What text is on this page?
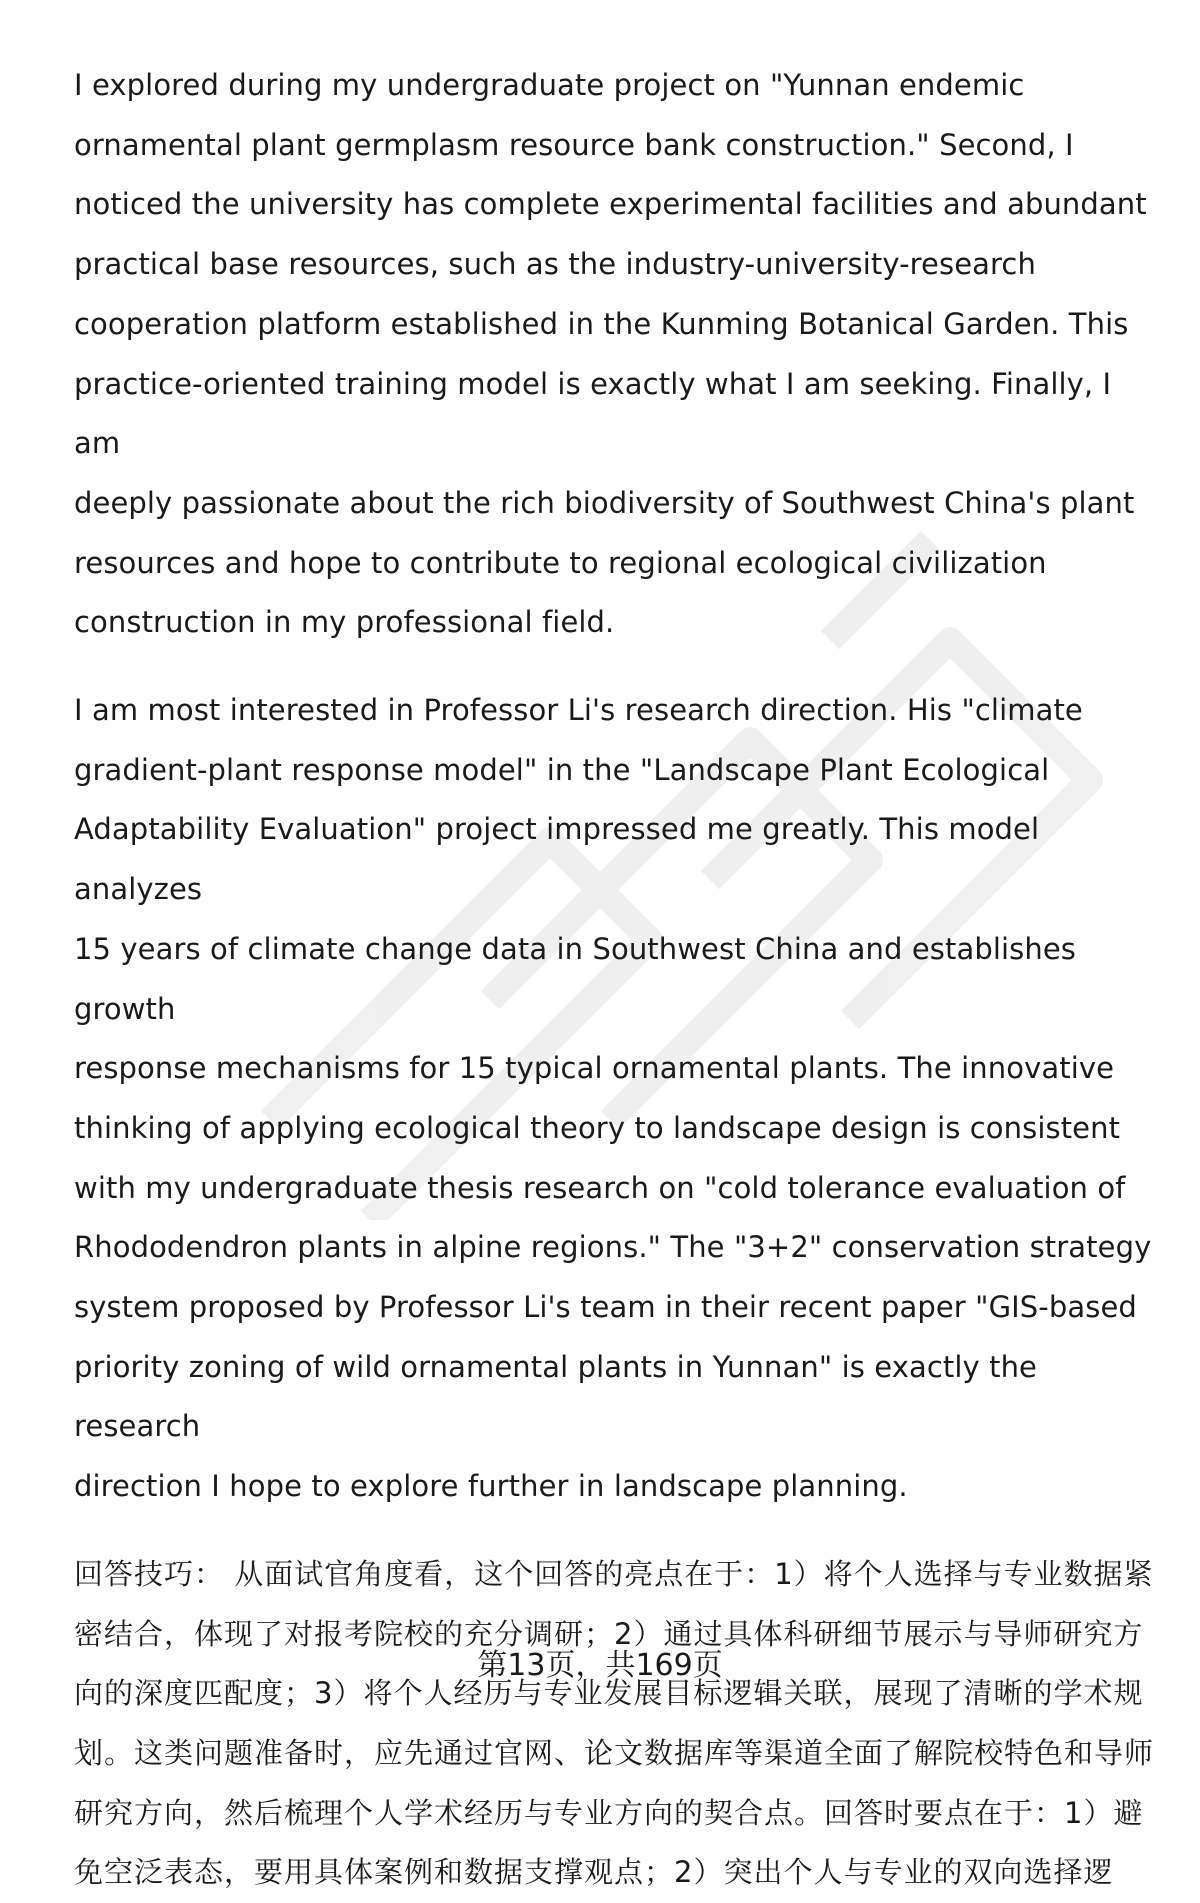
I explored during my undergraduate project on "Yunnan endemic
ornamental plant germplasm resource bank construction." Second, I
noticed the university has complete experimental facilities and abundant
practical base resources, such as the industry-university-research
cooperation platform established in the Kunming Botanical Garden. This
practice-oriented training model is exactly what I am seeking. Finally, I am
deeply passionate about the rich biodiversity of Southwest China's plant
resources and hope to contribute to regional ecological civilization
construction in my professional field.

I am most interested in Professor Li's research direction. His "climate
gradient-plant response model" in the "Landscape Plant Ecological
Adaptability Evaluation" project impressed me greatly. This model analyzes
15 years of climate change data in Southwest China and establishes growth
response mechanisms for 15 typical ornamental plants. The innovative
thinking of applying ecological theory to landscape design is consistent
with my undergraduate thesis research on "cold tolerance evaluation of
Rhododendron plants in alpine regions." The "3+2" conservation strategy
system proposed by Professor Li's team in their recent paper "GIS-based
priority zoning of wild ornamental plants in Yunnan" is exactly the research
direction I hope to explore further in landscape planning.

回答技巧： 从面试官角度看，这个回答的亮点在于：1）将个人选择与专业数据紧
密结合，体现了对报考院校的充分调研；2）通过具体科研细节展示与导师研究方
向的深度匹配度；3）将个人经历与专业发展目标逻辑关联，展现了清晰的学术规
划。这类问题准备时，应先通过官网、论文数据库等渠道全面了解院校特色和导师
研究方向，然后梳理个人学术经历与专业方向的契合点。回答时要点在于：1）避
免空泛表态，要用具体案例和数据支撑观点；2）突出个人与专业的双向选择逻

第13页，共169页
